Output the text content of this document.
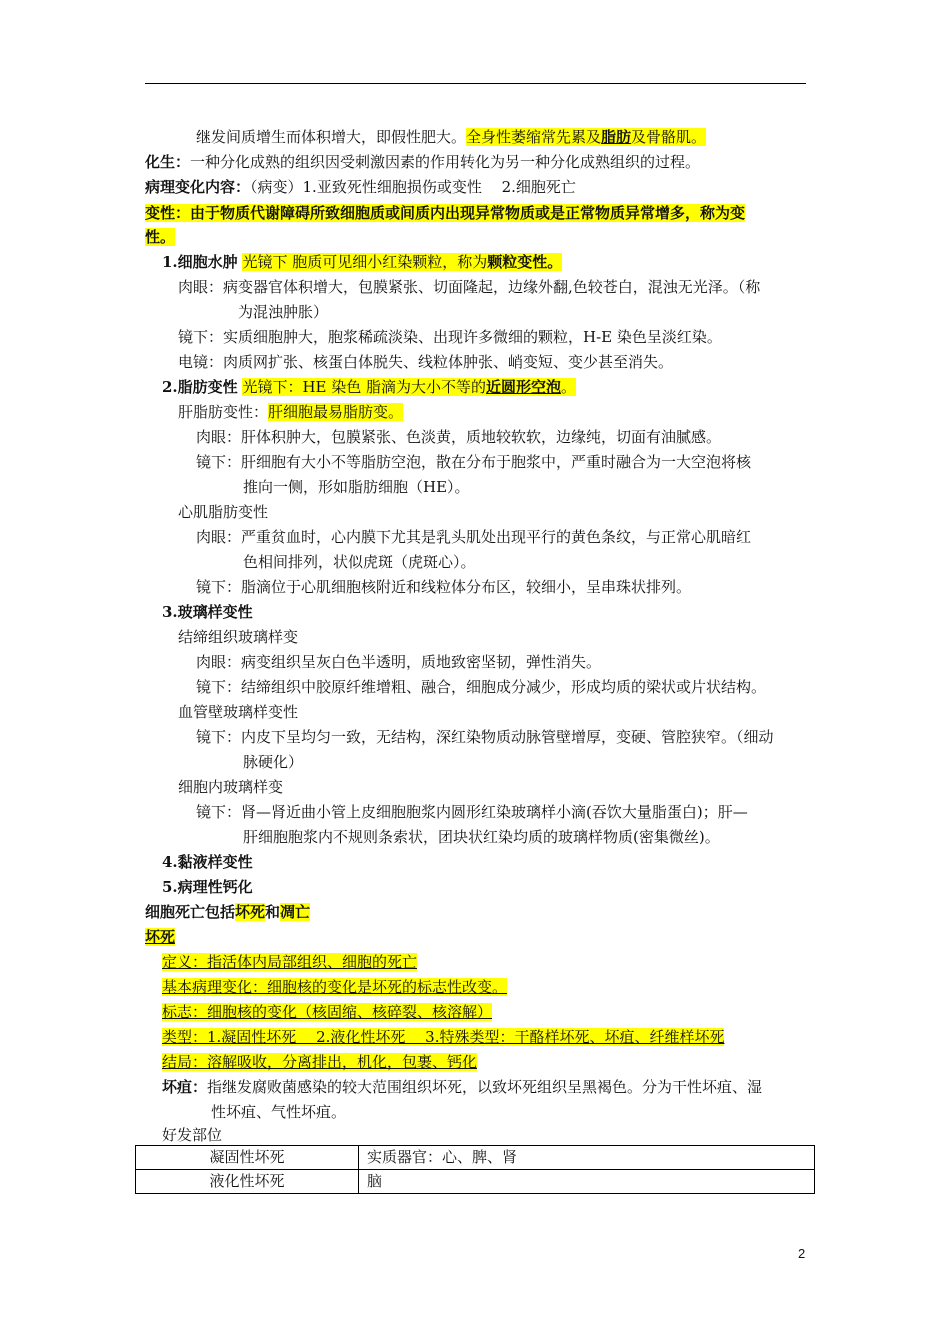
继发间质增生而体积增大，即假性肥大。全身性萎缩常先累及脂肪及骨骼肌。
化生：一种分化成熟的组织因受刺激因素的作用转化为另一种分化成熟组织的过程。
病理变化内容：（病变）1.亚致死性细胞损伤或变性　 2.细胞死亡
变性：由于物质代谢障碍所致细胞质或间质内出现异常物质或是正常物质异常增多，称为变
性。
1.细胞水肿 光镜下 胞质可见细小红染颗粒，称为颗粒变性。
肉眼：病变器官体积增大，包膜紧张、切面隆起，边缘外翻,色较苍白，混浊无光泽。（称
为混浊肿胀）
镜下：实质细胞肿大，胞浆稀疏淡染、出现许多微细的颗粒，H-E 染色呈淡红染。
电镜：肉质网扩张、核蛋白体脱失、线粒体肿张、峭变短、变少甚至消失。
2.脂肪变性 光镜下：HE 染色 脂滴为大小不等的近圆形空泡。
肝脂肪变性：肝细胞最易脂肪变。
肉眼：肝体积肿大，包膜紧张、色淡黄，质地较软软，边缘纯，切面有油腻感。
镜下：肝细胞有大小不等脂肪空泡，散在分布于胞浆中，严重时融合为一大空泡将核
推向一侧，形如脂肪细胞（HE）。
心肌脂肪变性
肉眼：严重贫血时，心内膜下尤其是乳头肌处出现平行的黄色条纹，与正常心肌暗红
色相间排列，状似虎斑（虎斑心）。
镜下：脂滴位于心肌细胞核附近和线粒体分布区，较细小，呈串珠状排列。
3.玻璃样变性
结缔组织玻璃样变
肉眼：病变组织呈灰白色半透明，质地致密坚韧，弹性消失。
镜下：结缔组织中胶原纤维增粗、融合，细胞成分减少，形成均质的梁状或片状结构。
血管壁玻璃样变性
镜下：内皮下呈均匀一致，无结构，深红染物质动脉管壁增厚，变硬、管腔狭窄。（细动
脉硬化）
细胞内玻璃样变
镜下：肾—肾近曲小管上皮细胞胞浆内圆形红染玻璃样小滴(吞饮大量脂蛋白)；肝—
肝细胞胞浆内不规则条索状，团块状红染均质的玻璃样物质(密集微丝)。
4.黏液样变性
5.病理性钙化
细胞死亡包括坏死和凋亡
坏死
定义：指活体内局部组织、细胞的死亡
基本病理变化：细胞核的变化是坏死的标志性改变。
标志：细胞核的变化（核固缩、核碎裂、核溶解）
类型：1.凝固性坏死　 2.液化性坏死　 3.特殊类型：干酪样坏死、坏疽、纤维样坏死
结局：溶解吸收，分离排出，机化，包裹、钙化
坏疽：指继发腐败菌感染的较大范围组织坏死，以致坏死组织呈黑褐色。分为干性坏疽、湿
性坏疽、气性坏疽。
好发部位
凝固性坏死	实质器官：心、脾、肾
液化性坏死	脑
2
